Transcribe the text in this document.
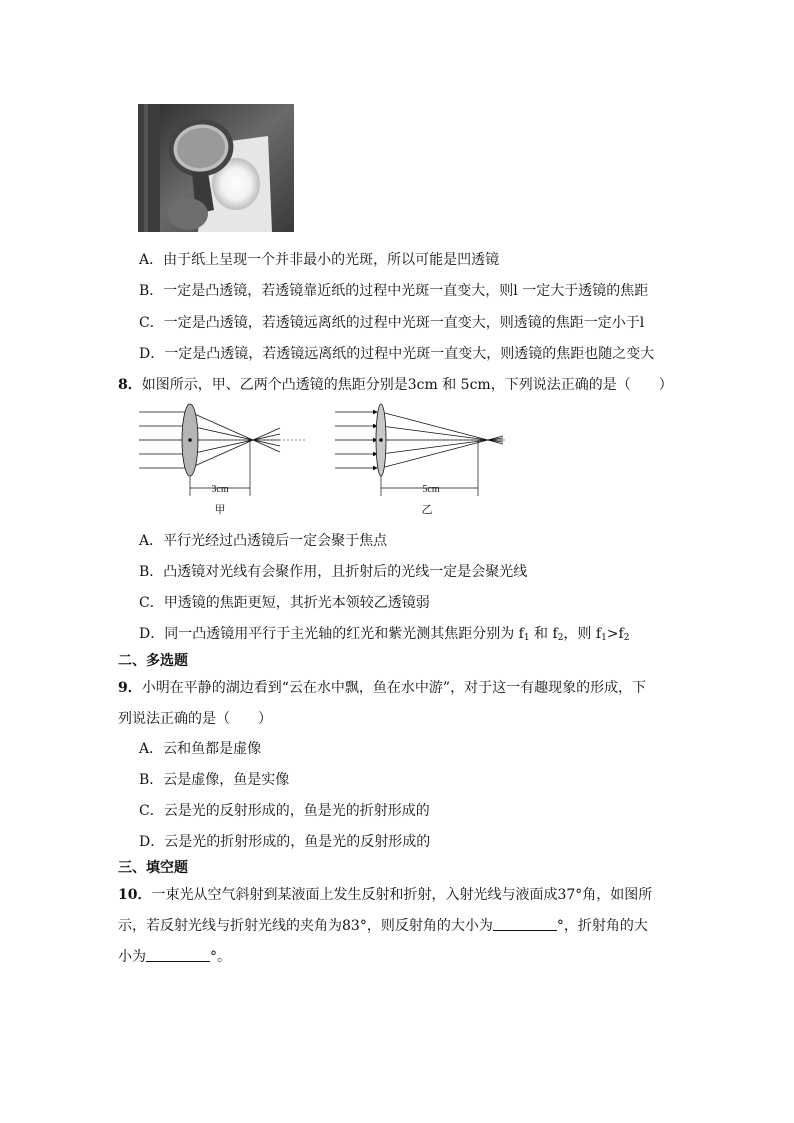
A．由于纸上呈现一个并非最小的光斑，所以可能是凹透镜
B．一定是凸透镜，若透镜靠近纸的过程中光斑一直变大，则l 一定大于透镜的焦距
C．一定是凸透镜，若透镜远离纸的过程中光斑一直变大，则透镜的焦距一定小于l
D．一定是凸透镜，若透镜远离纸的过程中光斑一直变大，则透镜的焦距也随之变大
8．如图所示，甲、乙两个凸透镜的焦距分别是3cm 和 5cm，下列说法正确的是（　　）
3cm
甲
5cm
乙
A．平行光经过凸透镜后一定会聚于焦点
B．凸透镜对光线有会聚作用，且折射后的光线一定是会聚光线
C．甲透镜的焦距更短，其折光本领较乙透镜弱
D．同一凸透镜用平行于主光轴的红光和紫光测其焦距分别为 $f_1$ 和 $f_2$，则 $f_1>f_2$
二、多选题
9．小明在平静的湖边看到“云在水中飘，鱼在水中游”，对于这一有趣现象的形成，下
列说法正确的是（　　）
A．云和鱼都是虚像
B．云是虚像，鱼是实像
C．云是光的反射形成的，鱼是光的折射形成的
D．云是光的折射形成的，鱼是光的反射形成的
三、填空题
10．一束光从空气斜射到某液面上发生反射和折射，入射光线与液面成37°角，如图所
示，若反射光线与折射光线的夹角为83°，则反射角的大小为	°，折射角的大
小为	°。
